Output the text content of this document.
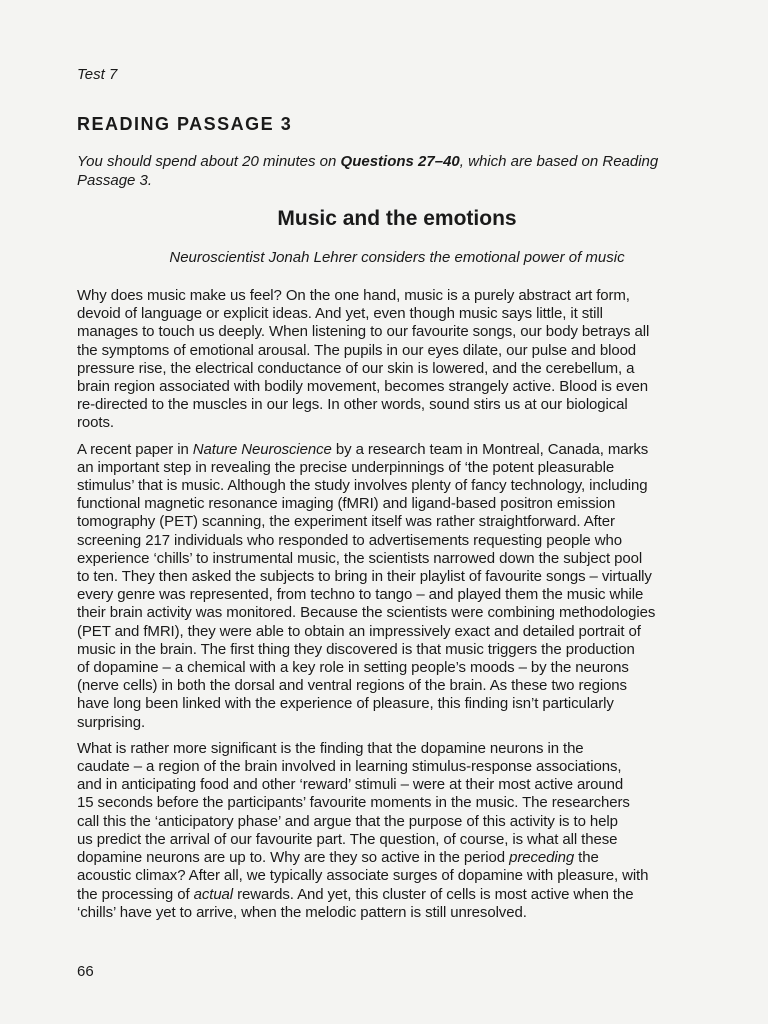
Test 7
READING PASSAGE 3
You should spend about 20 minutes on Questions 27–40, which are based on Reading
Passage 3.
Music and the emotions
Neuroscientist Jonah Lehrer considers the emotional power of music
Why does music make us feel? On the one hand, music is a purely abstract art form,
devoid of language or explicit ideas. And yet, even though music says little, it still
manages to touch us deeply. When listening to our favourite songs, our body betrays all
the symptoms of emotional arousal. The pupils in our eyes dilate, our pulse and blood
pressure rise, the electrical conductance of our skin is lowered, and the cerebellum, a
brain region associated with bodily movement, becomes strangely active. Blood is even
re-directed to the muscles in our legs. In other words, sound stirs us at our biological
roots.
A recent paper in Nature Neuroscience by a research team in Montreal, Canada, marks
an important step in revealing the precise underpinnings of ‘the potent pleasurable
stimulus’ that is music. Although the study involves plenty of fancy technology, including
functional magnetic resonance imaging (fMRI) and ligand-based positron emission
tomography (PET) scanning, the experiment itself was rather straightforward. After
screening 217 individuals who responded to advertisements requesting people who
experience ‘chills’ to instrumental music, the scientists narrowed down the subject pool
to ten. They then asked the subjects to bring in their playlist of favourite songs – virtually
every genre was represented, from techno to tango – and played them the music while
their brain activity was monitored. Because the scientists were combining methodologies
(PET and fMRI), they were able to obtain an impressively exact and detailed portrait of
music in the brain. The first thing they discovered is that music triggers the production
of dopamine – a chemical with a key role in setting people’s moods – by the neurons
(nerve cells) in both the dorsal and ventral regions of the brain. As these two regions
have long been linked with the experience of pleasure, this finding isn’t particularly
surprising.
What is rather more significant is the finding that the dopamine neurons in the
caudate – a region of the brain involved in learning stimulus-response associations,
and in anticipating food and other ‘reward’ stimuli – were at their most active around
15 seconds before the participants’ favourite moments in the music. The researchers
call this the ‘anticipatory phase’ and argue that the purpose of this activity is to help
us predict the arrival of our favourite part. The question, of course, is what all these
dopamine neurons are up to. Why are they so active in the period preceding the
acoustic climax? After all, we typically associate surges of dopamine with pleasure, with
the processing of actual rewards. And yet, this cluster of cells is most active when the
‘chills’ have yet to arrive, when the melodic pattern is still unresolved.
66
